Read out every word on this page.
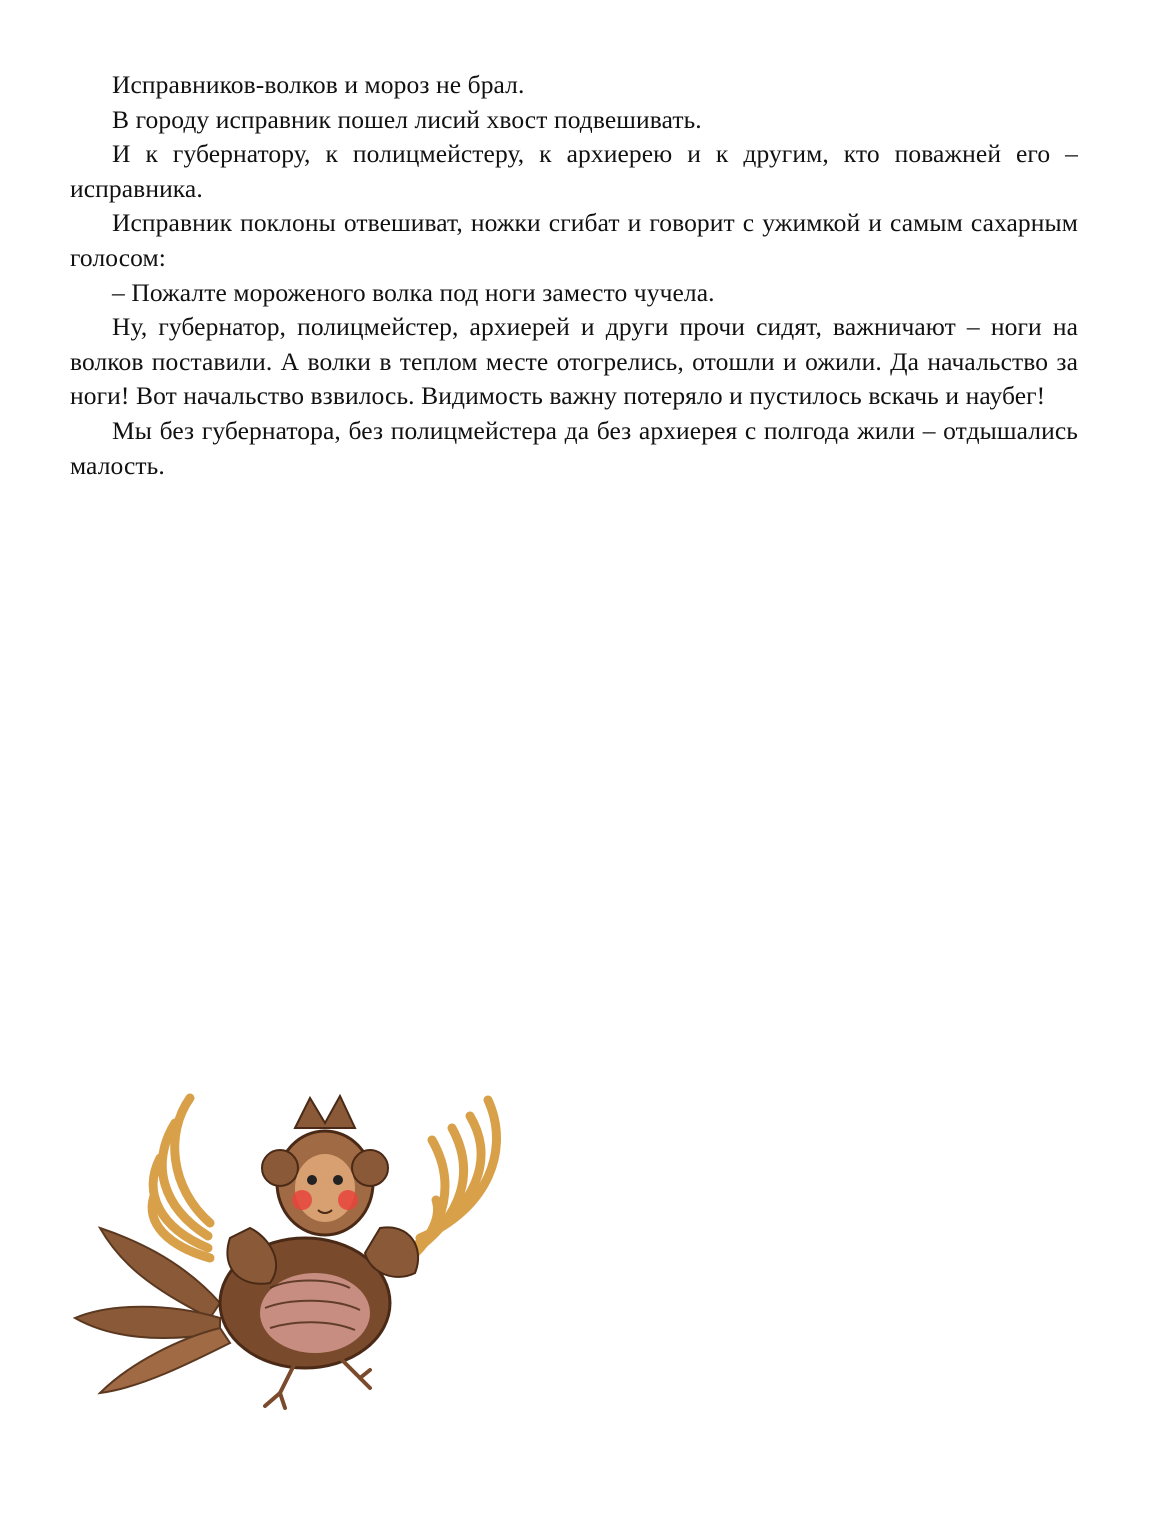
Исправников-волков и мороз не брал.

В городу исправник пошел лисий хвост подвешивать.

И к губернатору, к полицмейстеру, к архиерею и к другим, кто поважней его – исправника.

Исправник поклоны отвешиват, ножки сгибат и говорит с ужимкой и самым сахарным голосом:

– Пожалте мороженого волка под ноги заместо чучела.

Ну, губернатор, полицмейстер, архиерей и други прочи сидят, важничают – ноги на волков поставили. А волки в теплом месте отогрелись, отошли и ожили. Да начальство за ноги! Вот начальство взвилось. Видимость важну потеряло и пустилось вскачь и наубег!

Мы без губернатора, без полицмейстера да без архиерея с полгода жили – отдышались малость.
